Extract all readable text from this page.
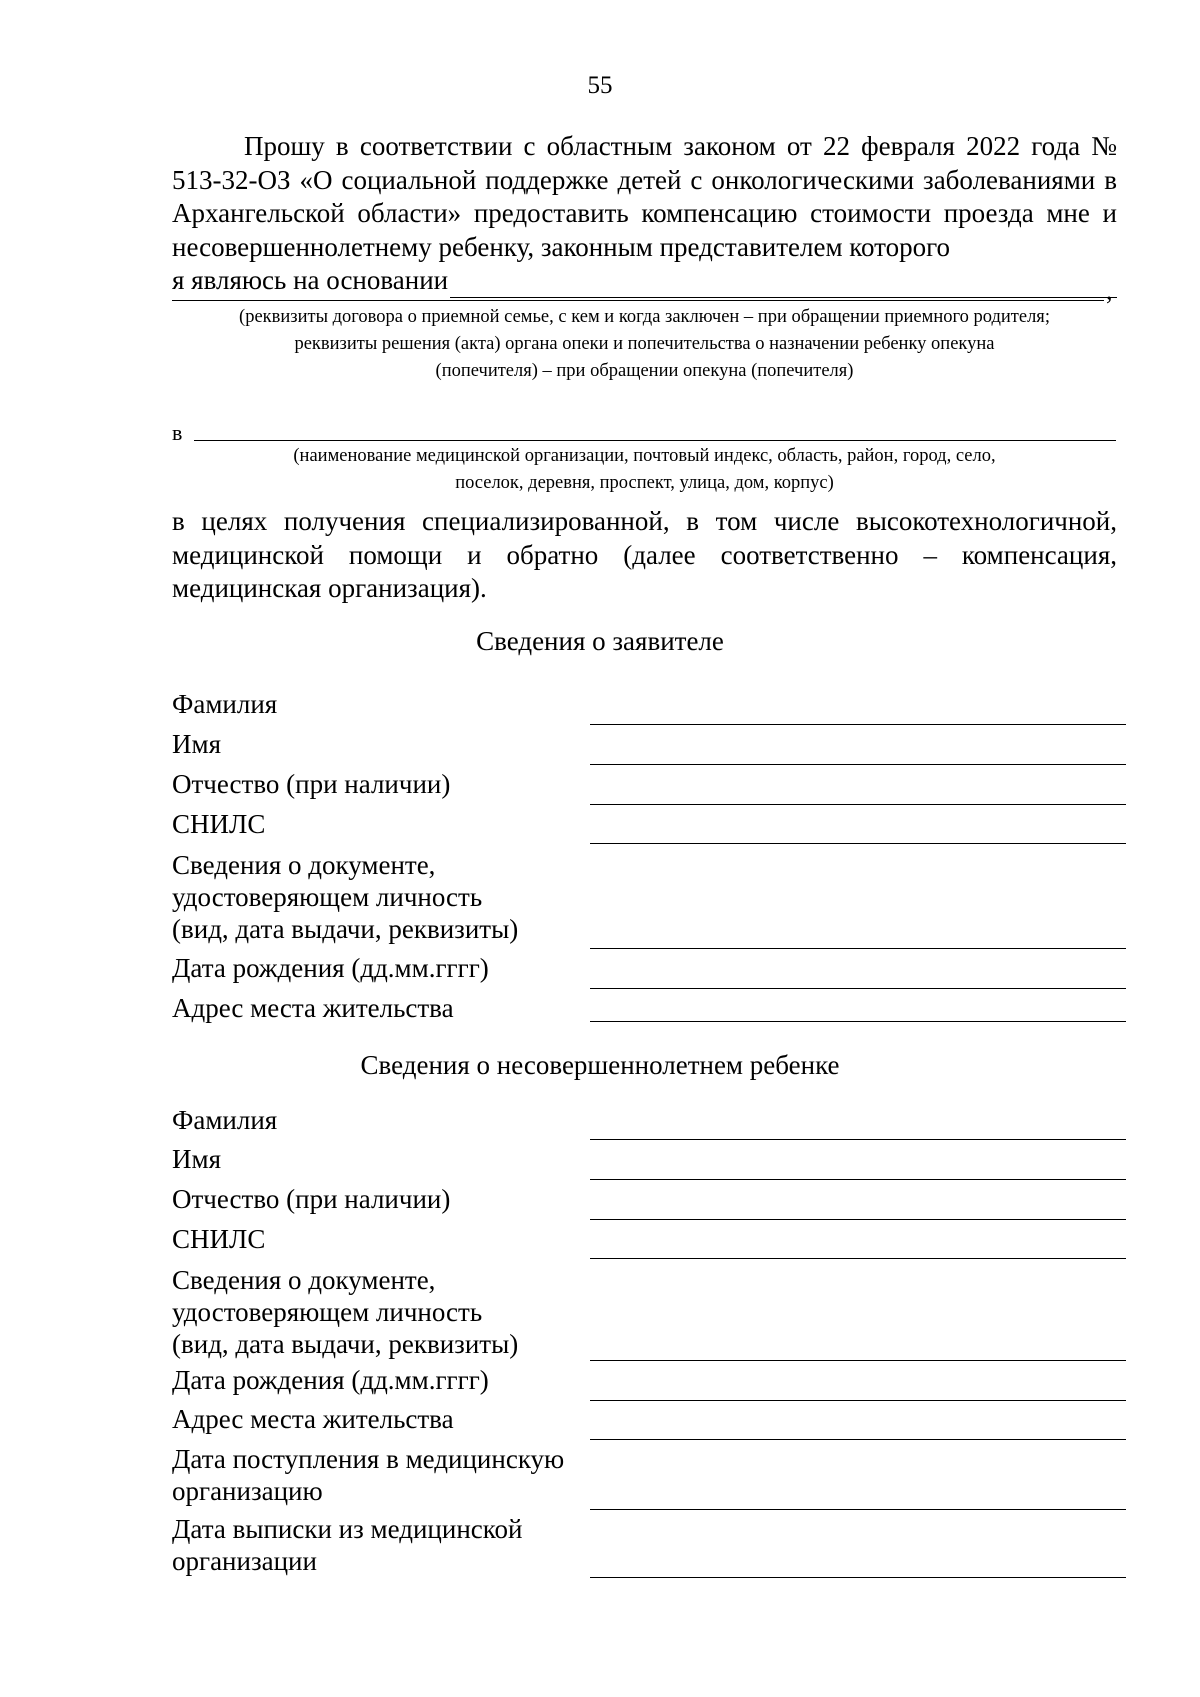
55
Прошу в соответствии с областным законом от 22 февраля 2022 года № 513-32-ОЗ «О социальной поддержке детей с онкологическими заболеваниями в Архангельской области» предоставить компенсацию стоимости проезда мне и несовершеннолетнему ребенку, законным представителем которого
я являюсь на основании	,
(реквизиты договора о приемной семье, с кем и когда заключен – при обращении приемного родителя;
реквизиты решения (акта) органа опеки и попечительства о назначении ребенку опекуна
(попечителя) – при обращении опекуна (попечителя)
в
(наименование медицинской организации, почтовый индекс, область, район, город, село,
поселок, деревня, проспект, улица, дом, корпус)
в целях получения специализированной, в том числе высокотехнологичной, медицинской помощи и обратно (далее соответственно – компенсация, медицинская организация).
Сведения о заявителе
Фамилия
Имя
Отчество (при наличии)
СНИЛС
Сведения о документе,
удостоверяющем личность
(вид, дата выдачи, реквизиты)
Дата рождения (дд.мм.гггг)
Адрес места жительства
Сведения о несовершеннолетнем ребенке
Фамилия
Имя
Отчество (при наличии)
СНИЛС
Сведения о документе,
удостоверяющем личность
(вид, дата выдачи, реквизиты)
Дата рождения (дд.мм.гггг)
Адрес места жительства
Дата поступления в медицинскую
организацию
Дата выписки из медицинской
организации
